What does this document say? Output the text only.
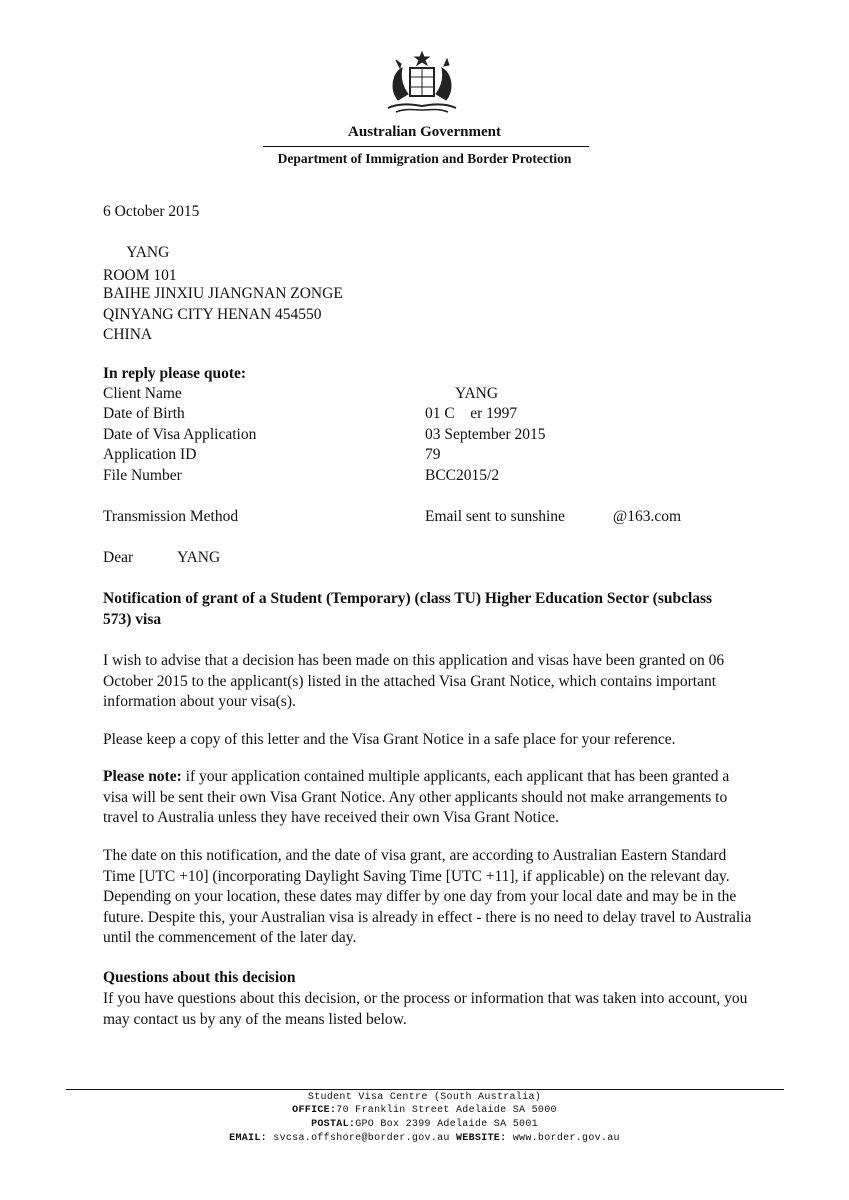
Australian Government
Department of Immigration and Border Protection
6 October 2015
YANG
ROOM 101
BAIHE JINXIU JIANGNAN ZONGE
QINYANG CITY HENAN 454550
CHINA
In reply please quote:
Client Name	YANG
Date of Birth	01 C    er 1997
Date of Visa Application	03 September 2015
Application ID	79
File Number	BCC2015/2
Transmission Method	Email sent to sunshine	@163.com
Dear	YANG
Notification of grant of a Student (Temporary) (class TU) Higher Education Sector (subclass 573) visa
I wish to advise that a decision has been made on this application and visas have been granted on 06 October 2015 to the applicant(s) listed in the attached Visa Grant Notice, which contains important information about your visa(s).
Please keep a copy of this letter and the Visa Grant Notice in a safe place for your reference.
Please note: if your application contained multiple applicants, each applicant that has been granted a visa will be sent their own Visa Grant Notice. Any other applicants should not make arrangements to travel to Australia unless they have received their own Visa Grant Notice.
The date on this notification, and the date of visa grant, are according to Australian Eastern Standard Time [UTC +10] (incorporating Daylight Saving Time [UTC +11], if applicable) on the relevant day. Depending on your location, these dates may differ by one day from your local date and may be in the future. Despite this, your Australian visa is already in effect - there is no need to delay travel to Australia until the commencement of the later day.
Questions about this decision
If you have questions about this decision, or the process or information that was taken into account, you may contact us by any of the means listed below.
Student Visa Centre (South Australia)
OFFICE:70 Franklin Street Adelaide SA 5000
POSTAL:GPO Box 2399 Adelaide SA 5001
EMAIL: svcsa.offshore@border.gov.au WEBSITE: www.border.gov.au
